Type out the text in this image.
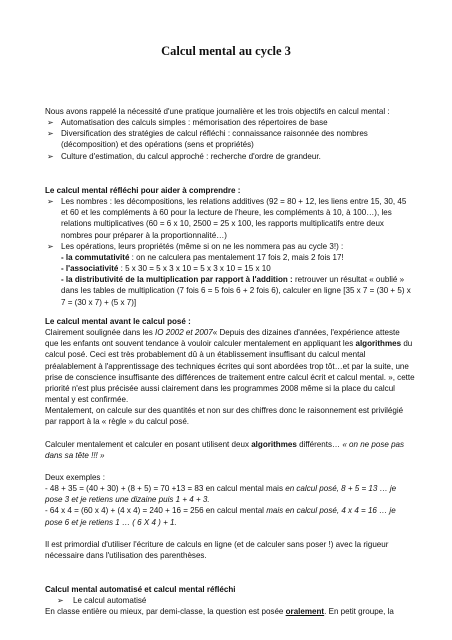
Calcul mental au cycle 3

Nous avons rappelé la nécessité d'une pratique journalière et les trois objectifs en calcul mental :

➢ Automatisation des calculs simples : mémorisation des répertoires de base
➢ Diversification des stratégies de calcul réfléchi : connaissance raisonnée des nombres (décomposition) et des opérations (sens et propriétés)
➢ Culture d'estimation, du calcul approché : recherche d'ordre de grandeur.

Le calcul mental réfléchi pour aider à comprendre :

➢ Les nombres : les décompositions, les relations additives (92 = 80 + 12, les liens entre 15, 30, 45 et 60 et les compléments à 60 pour la lecture de l'heure, les compléments à 10, à 100…), les relations multiplicatives (60 = 6 x 10, 2500 = 25 x 100, les rapports multiplicatifs entre deux nombres pour préparer à la proportionnalité…)
➢ Les opérations, leurs propriétés (même si on ne les nommera pas au cycle 3!) :

- la commutativité : on ne calculera pas mentalement 17 fois 2, mais 2 fois 17!

- l'associativité : 5 x 30 = 5 x 3 x 10 = 5 x 3 x 10 = 15 x 10

- la distributivité de la multiplication par rapport à l'addition : retrouver un résultat « oublié » dans les tables de multiplication (7 fois 6 = 5 fois 6 + 2 fois 6), calculer en ligne [35 x 7 = (30 + 5) x 7 = (30 x 7) + (5 x 7)]

Le calcul mental avant le calcul posé :

Clairement soulignée dans les IO 2002 et 2007« Depuis des dizaines d'années, l'expérience atteste que les enfants ont souvent tendance à vouloir calculer mentalement en appliquant les algorithmes du calcul posé. Ceci est très probablement dû à un établissement insuffisant du calcul mental préalablement à l'apprentissage des techniques écrites qui sont abordées trop tôt…et par la suite, une prise de conscience insuffisante des différences de traitement entre calcul écrit et calcul mental. », cette priorité n'est plus précisée aussi clairement dans les programmes 2008 même si la place du calcul mental y est confirmée.

Mentalement, on calcule sur des quantités et non sur des chiffres donc le raisonnement est privilégié par rapport à la « règle » du calcul posé.

Calculer mentalement et calculer en posant utilisent deux algorithmes différents… « on ne pose pas dans sa tête !!! »

Deux exemples :

- 48 + 35 = (40 + 30) + (8 + 5) = 70 +13 = 83 en calcul mental mais en calcul posé, 8 + 5 = 13 … je pose 3 et je retiens une dizaine puis 1 + 4 + 3.

- 64 x 4 = (60 x 4) + (4 x 4) = 240 + 16 = 256 en calcul mental mais en calcul posé, 4 x 4 = 16 … je pose 6 et je retiens 1 … ( 6 X 4 ) + 1.

Il est primordial d'utiliser l'écriture de calculs en ligne (et de calculer sans poser !) avec la rigueur nécessaire dans l'utilisation des parenthèses.

Calcul mental automatisé et calcul mental réfléchi

➢ Le calcul automatisé

En classe entière ou mieux, par demi-classe, la question est posée oralement. En petit groupe, la
